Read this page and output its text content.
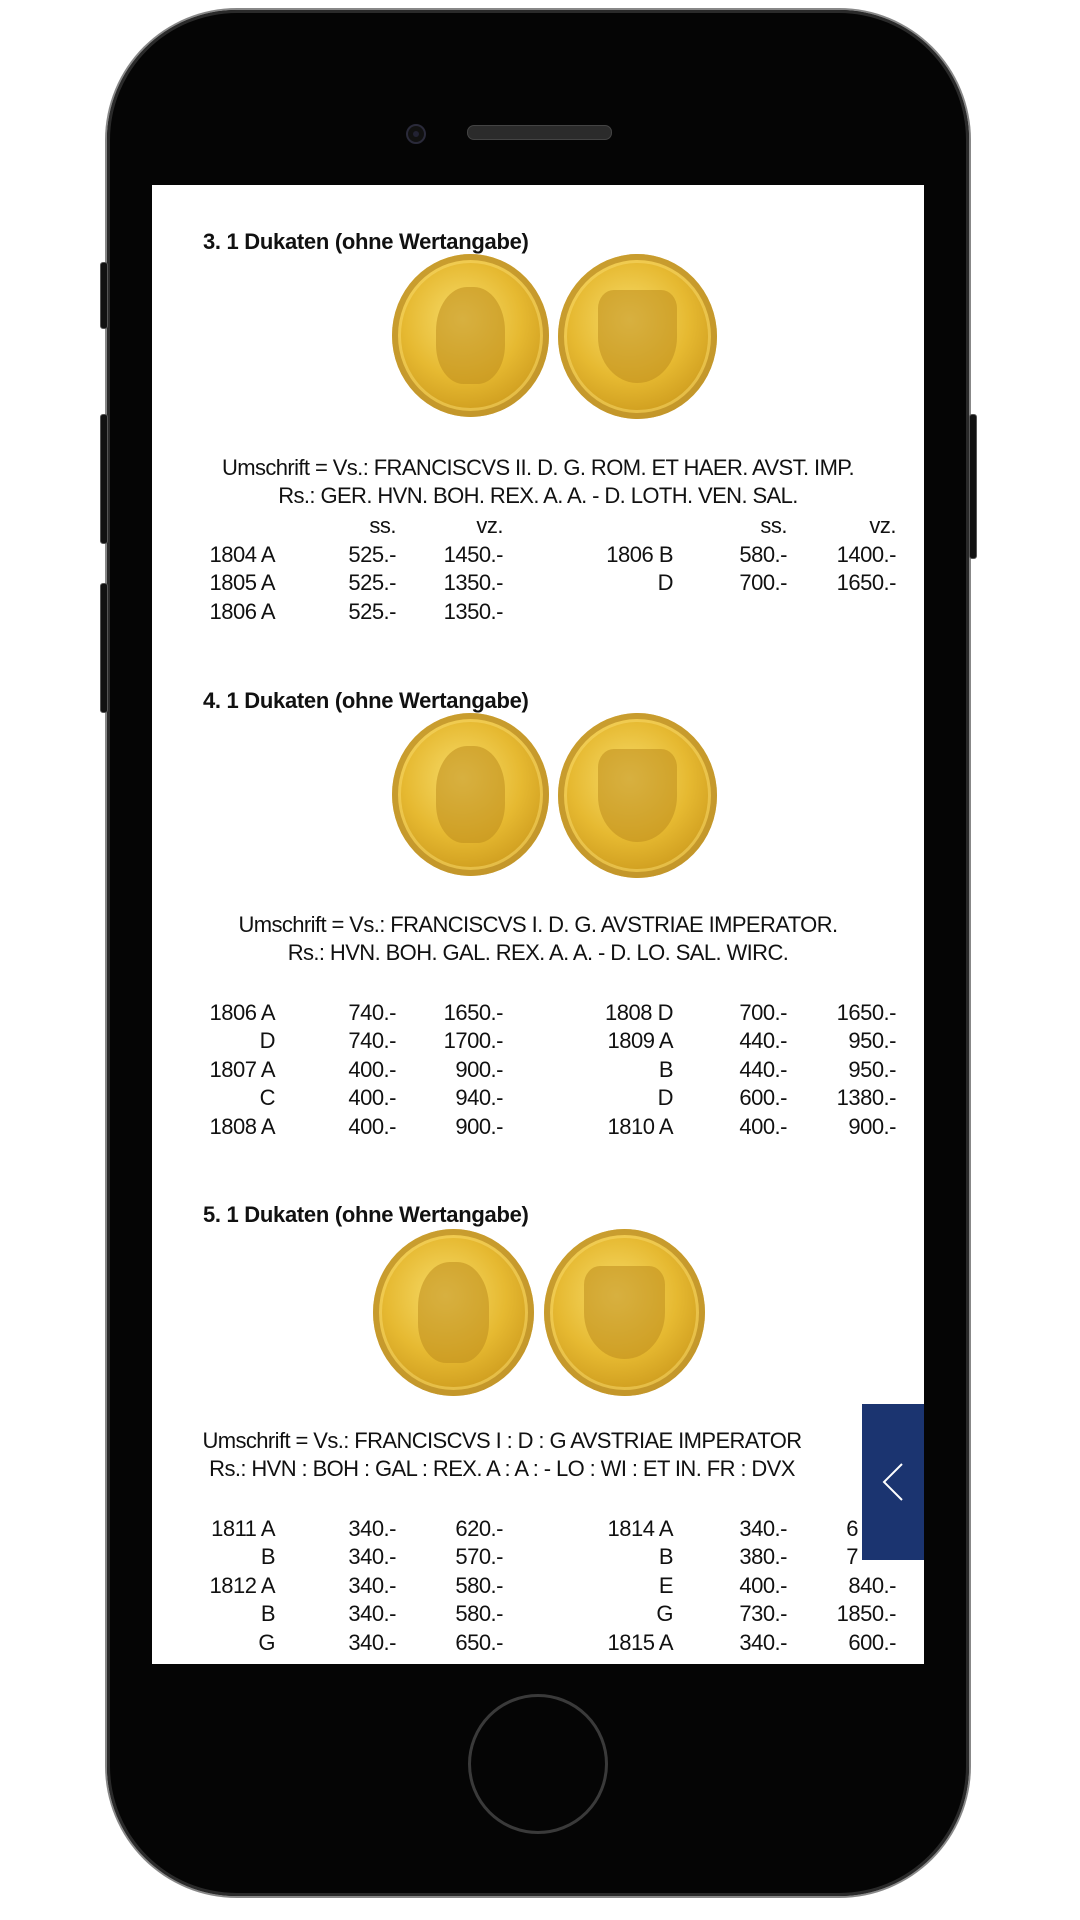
3. 1 Dukaten (ohne Wertangabe)
Umschrift = Vs.: FRANCISCVS II. D. G. ROM. ET HAER. AVST. IMP.
Rs.: GER. HVN. BOH. REX. A. A. - D. LOTH. VEN. SAL.
ss.	vz.	ss.	vz.
1804 A	525.- 1450.-
1805 A	525.- 1350.-
1806 A	525.- 1350.-
1806 B	580.- 1400.-
D	700.- 1650.-
4. 1 Dukaten (ohne Wertangabe)
Umschrift = Vs.: FRANCISCVS I. D. G. AVSTRIAE IMPERATOR.
Rs.: HVN. BOH. GAL. REX. A. A. - D. LO. SAL. WIRC.
1806 A	740.- 1650.-
D	740.- 1700.-
1807 A	400.-	900.-
C	400.-	940.-
1808 A	400.-	900.-
1808 D	700.- 1650.-
1809 A	440.-	950.-
B	440.-	950.-
D	600.- 1380.-
1810 A	400.-	900.-
5. 1 Dukaten (ohne Wertangabe)
Umschrift = Vs.: FRANCISCVS I : D : G AVSTRIAE IMPERATOR
Rs.: HVN : BOH : GAL : REX. A : A : - LO : WI : ET IN. FR : DVX
1811 A	340.-	620.-
B	340.-	570.-
1812 A	340.-	580.-
B	340.-	580.-
G	340.-	650.-
1814 A	340.-	6
B	380.-	7
E	400.-	840.-
G	730.- 1850.-
1815 A	340.-	600.-
